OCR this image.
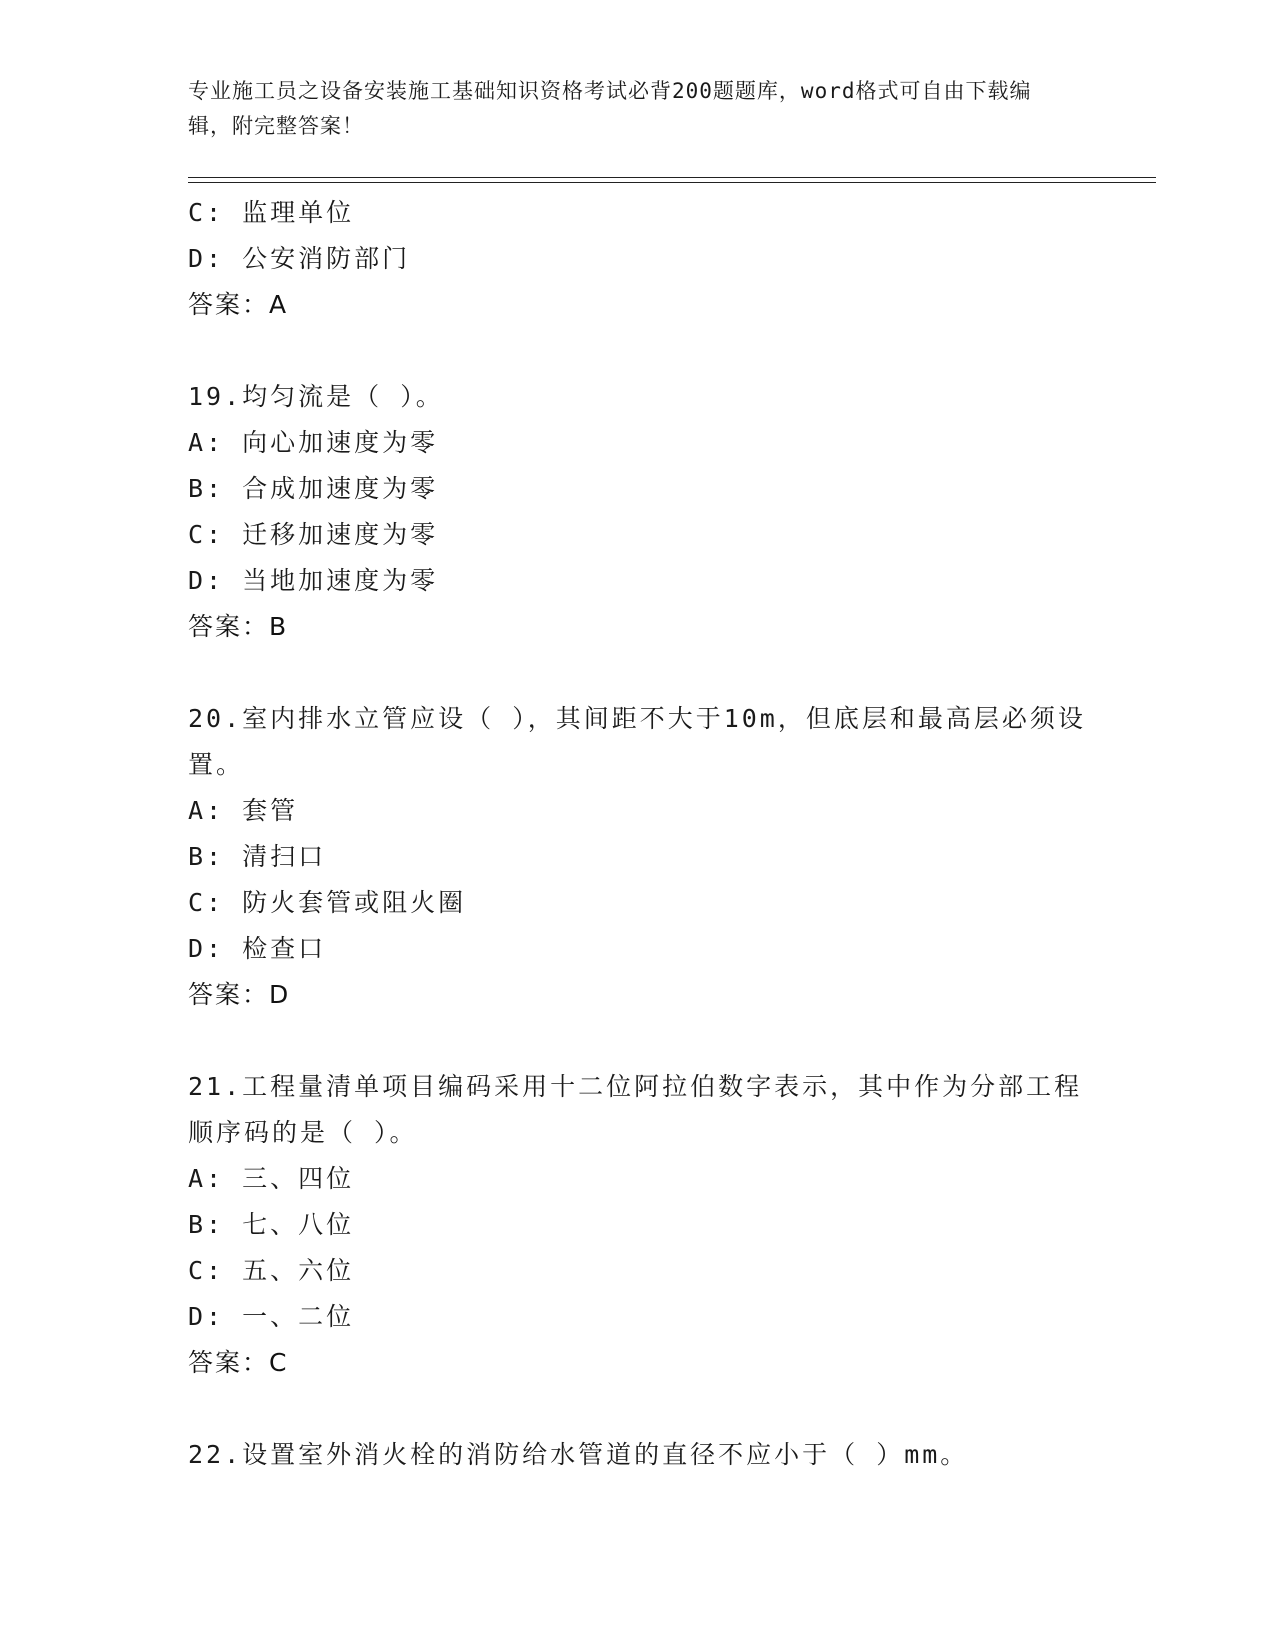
专业施工员之设备安装施工基础知识资格考试必背200题题库，word格式可自由下载编辑，附完整答案！
C: 监理单位
D: 公安消防部门
答案：A
19.均匀流是（ ）。
A: 向心加速度为零
B: 合成加速度为零
C: 迁移加速度为零
D: 当地加速度为零
答案：B
20.室内排水立管应设（ ），其间距不大于10m，但底层和最高层必须设置。
A: 套管
B: 清扫口
C: 防火套管或阻火圈
D: 检查口
答案：D
21.工程量清单项目编码采用十二位阿拉伯数字表示，其中作为分部工程顺序码的是（ ）。
A: 三、四位
B: 七、八位
C: 五、六位
D: 一、二位
答案：C
22.设置室外消火栓的消防给水管道的直径不应小于（ ）mm。
